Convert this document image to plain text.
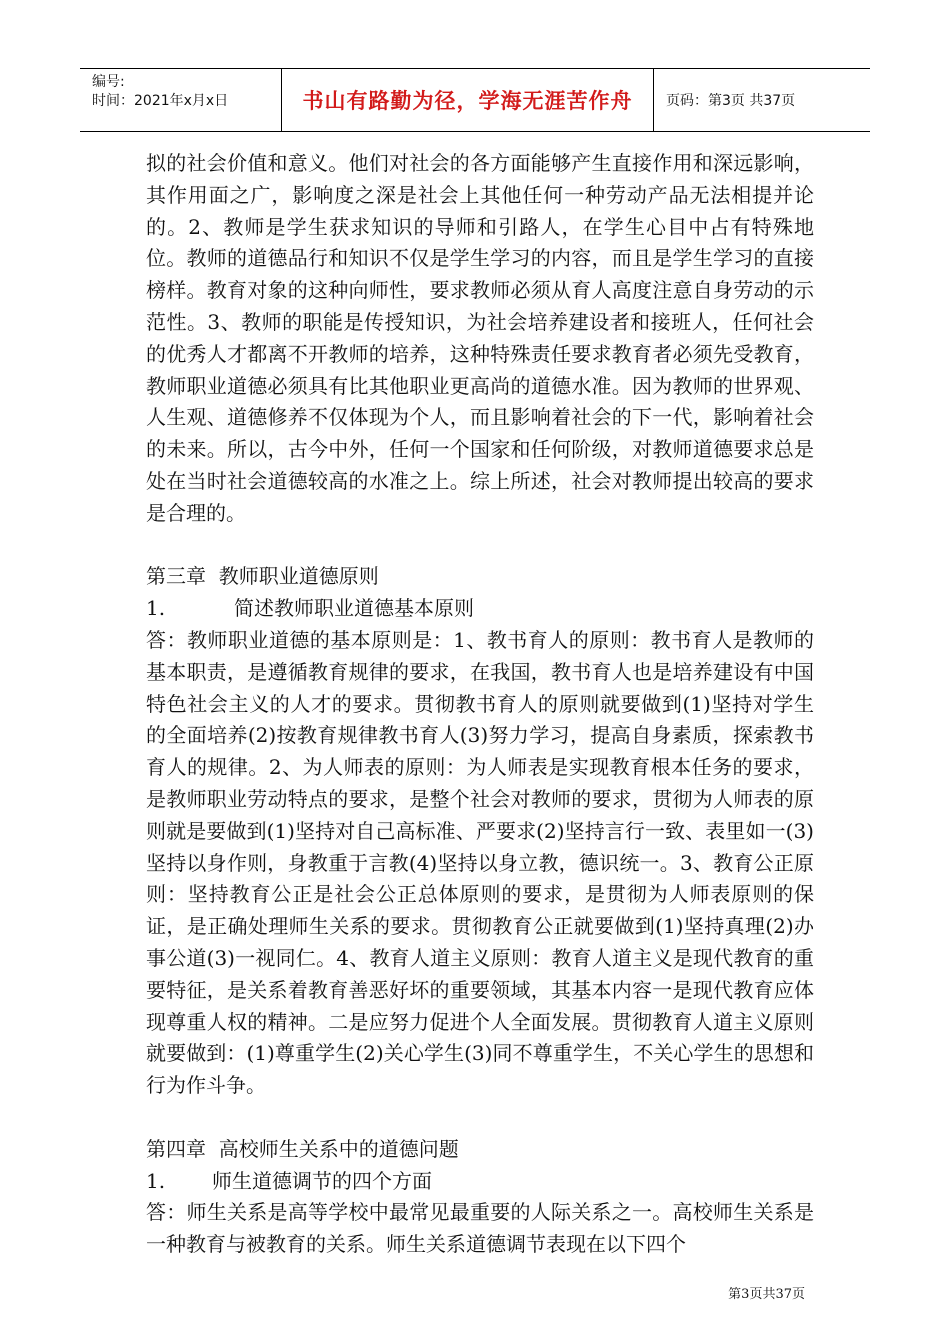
编号:
时间：2021年x月x日	书山有路勤为径，学海无涯苦作舟	页码：第3页 共37页

拟的社会价值和意义。他们对社会的各方面能够产生直接作用和深远影响，其作用面之广，影响度之深是社会上其他任何一种劳动产品无法相提并论的。2、教师是学生获求知识的导师和引路人，在学生心目中占有特殊地位。教师的道德品行和知识不仅是学生学习的内容，而且是学生学习的直接榜样。教育对象的这种向师性，要求教师必须从育人高度注意自身劳动的示范性。3、教师的职能是传授知识，为社会培养建设者和接班人，任何社会的优秀人才都离不开教师的培养，这种特殊责任要求教育者必须先受教育，教师职业道德必须具有比其他职业更高尚的道德水准。因为教师的世界观、人生观、道德修养不仅体现为个人，而且影响着社会的下一代，影响着社会的未来。所以，古今中外，任何一个国家和任何阶级，对教师道德要求总是处在当时社会道德较高的水准之上。综上所述，社会对教师提出较高的要求是合理的。

第三章  教师职业道德原则

1.	简述教师职业道德基本原则

答：教师职业道德的基本原则是：1、教书育人的原则：教书育人是教师的基本职责，是遵循教育规律的要求，在我国，教书育人也是培养建设有中国特色社会主义的人才的要求。贯彻教书育人的原则就要做到(1)坚持对学生的全面培养(2)按教育规律教书育人(3)努力学习，提高自身素质，探索教书育人的规律。2、为人师表的原则：为人师表是实现教育根本任务的要求，是教师职业劳动特点的要求，是整个社会对教师的要求，贯彻为人师表的原则就是要做到(1)坚持对自己高标准、严要求(2)坚持言行一致、表里如一(3)坚持以身作则，身教重于言教(4)坚持以身立教，德识统一。3、教育公正原则：坚持教育公正是社会公正总体原则的要求，是贯彻为人师表原则的保证，是正确处理师生关系的要求。贯彻教育公正就要做到(1)坚持真理(2)办事公道(3)一视同仁。4、教育人道主义原则：教育人道主义是现代教育的重要特征，是关系着教育善恶好坏的重要领域，其基本内容一是现代教育应体现尊重人权的精神。二是应努力促进个人全面发展。贯彻教育人道主义原则就要做到：(1)尊重学生(2)关心学生(3)同不尊重学生，不关心学生的思想和行为作斗争。

第四章  高校师生关系中的道德问题

1. 师生道德调节的四个方面

答：师生关系是高等学校中最常见最重要的人际关系之一。高校师生关系是一种教育与被教育的关系。师生关系道德调节表现在以下四个

第3页共37页
